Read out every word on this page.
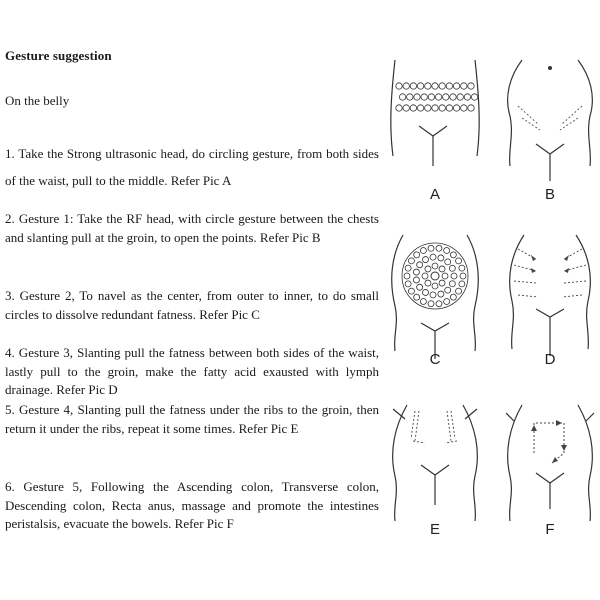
Gesture suggestion
On the belly
1. Take the Strong ultrasonic head, do circling gesture, from both sides of the waist, pull to the middle. Refer Pic A
2. Gesture 1: Take the RF head, with circle gesture between the chests and slanting pull at the groin, to open the points. Refer Pic B
3. Gesture 2, To navel as the center, from outer to inner, to do small circles to dissolve redundant fatness. Refer Pic C
4. Gesture 3, Slanting pull the fatness between both sides of the waist, lastly pull to the groin, make the fatty acid exausted with lymph drainage. Refer Pic D
5. Gesture 4, Slanting pull the fatness under the ribs to the groin, then return it under the ribs, repeat it some times. Refer Pic E
6. Gesture 5, Following the Ascending colon, Transverse colon, Descending colon, Recta anus, massage and promote the intestines peristalsis, evacuate the bowels. Refer Pic F
A	B
C	D
E	F
